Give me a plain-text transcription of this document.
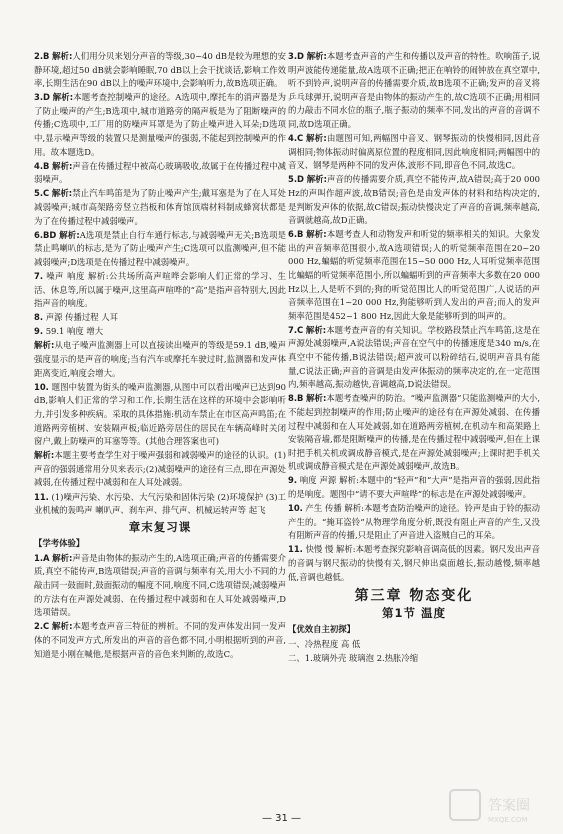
2.B 解析:人们用分贝来划分声音的等级,30~40 dB是较为理想的安静环境,超过50 dB就会影响睡眠,70 dB以上会干扰谈话,影响工作效率,长期生活在90 dB以上的噪声环境中,会影响听力,故B选项正确。
3.D 解析:本题考查控制噪声的途径。A选项中,摩托车的消声器是为了防止噪声的产生;B选项中,城市道路旁的隔声板是为了阻断噪声的传播;C选项中,工厂用的防噪声耳罩是为了防止噪声进入耳朵;D选项中,显示噪声等级的装置只是测量噪声的强弱,不能起到控制噪声的作用。故本题选D。
4.B 解析:声音在传播过程中被高心玻璃吸收,故属于在传播过程中减弱噪声。
5.C 解析:禁止汽车鸣笛是为了防止噪声产生;戴耳塞是为了在人耳处减弱噪声;城市高架路旁竖立挡板和体育馆顶端材料制成蜂窝状都是为了在传播过程中减弱噪声。
6.BD 解析:A选项是禁止自行车通行标志,与减弱噪声无关;B选项是禁止鸣喇叭的标志,是为了防止噪声产生;C选项可以监测噪声,但不能减弱噪声;D选项是在传播过程中减弱噪声。
7. 噪声 响度 解析:公共场所高声喧哗会影响人们正常的学习、生活、休息等,所以属于噪声,这里高声喧哗的“高”是指声音特别大,因此指声音的响度。
8. 声源 传播过程 人耳
9. 59.1 响度 增大
解析:从电子噪声监测器上可以直接读出噪声的等级是59.1 dB,噪声强度显示的是声音的响度;当有汽车或摩托车驶过时,监测器和发声体距离变近,响度会增大。
10. 题图中装置为街头的噪声监测器,从图中可以看出噪声已达到90 dB,影响人们正常的学习和工作,长期生活在这样的环境中会影响听力,并引发多种疾病。采取的具体措施:机动车禁止在市区高声鸣笛;在道路两旁植树、安装隔声板;临近路旁居住的居民在车辆高峰时关闭窗户,戴上防噪声的耳塞等等。(其他合理答案也可)
解析:本题主要考查学生对于噪声强弱和减弱噪声的途径的认识。(1)声音的强弱通常用分贝来表示;(2)减弱噪声的途径有三点,即在声源处减弱,在传播过程中减弱和在人耳处减弱。
11. (1)噪声污染、水污染、大气污染和固体污染 (2)环境保护 (3)工业机械的轰鸣声 喇叭声、刹车声、排气声、机械运转声等 起飞
章末复习课
【学考体验】
1.A 解析:声音是由物体的振动产生的,A选项正确;声音的传播需要介质,真空不能传声,B选项错误;声音的音调与频率有关,用大小不同的力敲击同一鼓面时,鼓面振动的幅度不同,响度不同,C选项错误;减弱噪声的方法有在声源处减弱、在传播过程中减弱和在人耳处减弱噪声,D选项错误。
2.C 解析:本题考查声音三特征的辨析。不同的发声体发出同一发声体的不同发声方式,所发出的声音的音色都不同,小明根据听到的声音,知道是小刚在喊他,是根据声音的音色来判断的,故选C。
3.D 解析:本题考查声音的产生和传播以及声音的特性。吹响笛子,说明声波能传递能量,故A选项不正确;把正在响铃的闹钟放在真空罩中,听不到铃声,说明声音的传播需要介质,故B选项不正确;发声的音叉将乒乓球弹开,说明声音是由物体的振动产生的,故C选项不正确;用相同的力敲击不同水位的瓶子,瓶子振动的频率不同,发出的声音的音调不同,故D选项正确。
4.C 解析:由题图可知,两幅图中音叉、钢琴振动的快慢相同,因此音调相同;物体振动时偏离原位置的程度相同,因此响度相同;两幅图中的音叉、钢琴是两种不同的发声体,波形不同,即音色不同,故选C。
5.D 解析:声音的传播需要介质,真空不能传声,故A错误;高于20 000 Hz的声叫作超声波,故B错误;音色是由发声体的材料和结构决定的,是判断发声体的依据,故C错误;振动快慢决定了声音的音调,频率越高,音调就越高,故D正确。
6.B 解析:本题考查人和动物发声和听觉的频率相关的知识。大象发出的声音频率范围很小,故A选项错误;人的听觉频率范围在20~20 000 Hz,蝙蝠的听觉频率范围在15~50 000 Hz,人耳听觉频率范围比蝙蝠的听觉频率范围小,所以蝙蝠听到的声音频率大多数在20 000 Hz以上,人是听不到的;狗的听觉范围比人的听觉范围广,人说话的声音频率范围在1~20 000 Hz,狗能够听到人发出的声音;而人的发声频率范围是452~1 800 Hz,因此大象是能够听到的叫声的。
7.C 解析:本题考查声音的有关知识。学校路段禁止汽车鸣笛,这是在声源处减弱噪声,A说法错误;声音在空气中的传播速度是340 m/s,在真空中不能传播,B说法错误;超声波可以粉碎结石,说明声音具有能量,C说法正确;声音的音调是由发声体振动的频率决定的,在一定范围内,频率越高,振动越快,音调越高,D说法错误。
8.B 解析:本题考查噪声的防治。“噪声监测器”只能监测噪声的大小,不能起到控制噪声的作用;防止噪声的途径有在声源处减弱、在传播过程中减弱和在人耳处减弱,如在道路两旁植树,在机动车和高架路上安装隔音墙,都是阻断噪声的传播,是在传播过程中减弱噪声,但在上课时把手机关机或调成静音模式,是在声源处减弱噪声;上课时把手机关机或调成静音模式是在声源处减弱噪声,故选B。
9. 响度 声源 解析:本题中的“轻声”和“大声”是指声音的强弱,因此指的是响度。题图中“请不要大声喧哗”的标志是在声源处减弱噪声。
10. 产生 传播 解析:本题考查防治噪声的途径。铃声是由于铃的振动产生的。“掩耳盗铃”从物理学角度分析,既没有阻止声音的产生,又没有阻断声音的传播,只是阻止了声音进入盗贼自己的耳朵。
11. 快慢 慢 解析:本题考查探究影响音调高低的因素。钢尺发出声音的音调与钢尺振动的快慢有关,钢尺伸出桌面越长,振动越慢,频率越低,音调也越低。
第三章 物态变化
第1节 温度
【优效自主初探】
一、冷热程度 高 低
二、1.玻璃外壳 玻璃泡 2.热胀冷缩
— 31 —
答案圈
MXQE.COM
